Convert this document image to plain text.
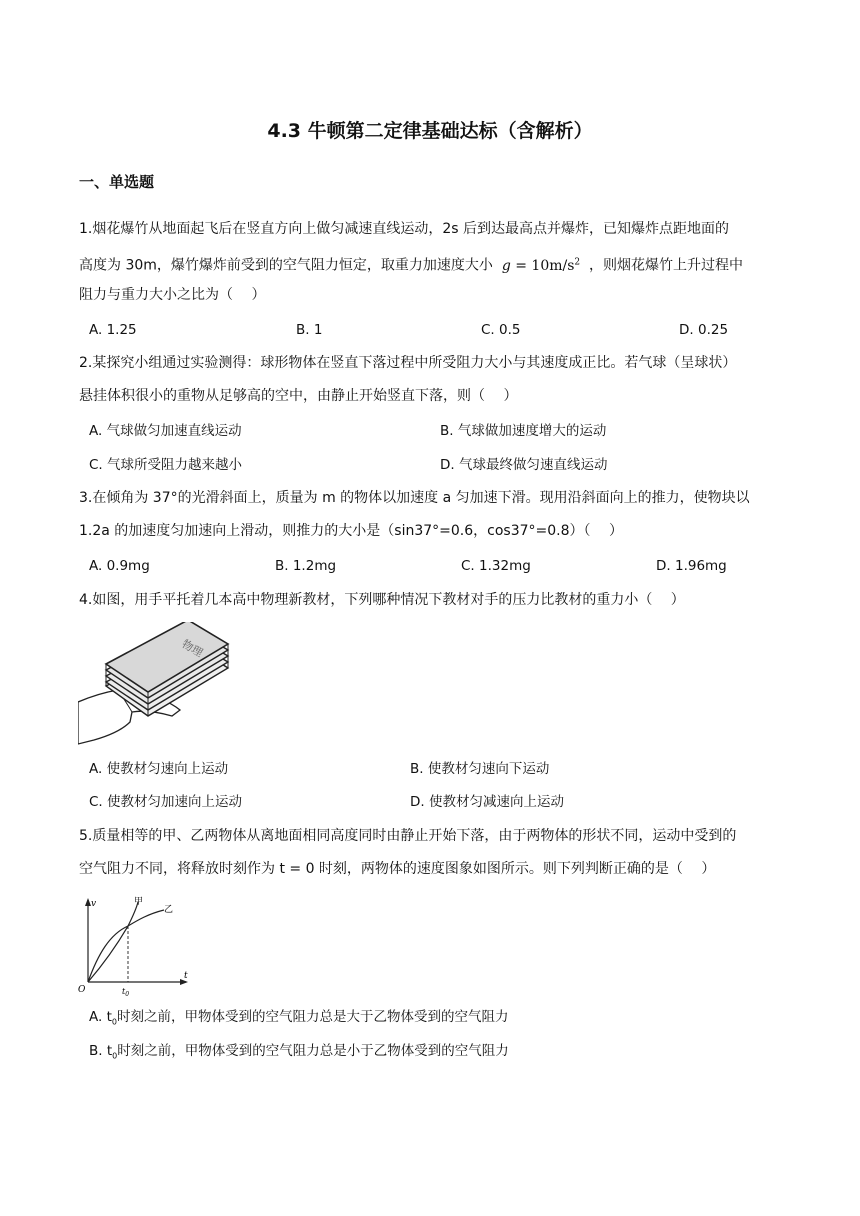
4.3 牛顿第二定律基础达标（含解析）
一、单选题
1.烟花爆竹从地面起飞后在竖直方向上做匀减速直线运动，2s 后到达最高点并爆炸，已知爆炸点距地面的
高度为 30m，爆竹爆炸前受到的空气阻力恒定，取重力加速度大小 $g = 10m/s^2$ ，则烟花爆竹上升过程中
阻力与重力大小之比为（　 ）
A. 1.25	B. 1	C. 0.5	D. 0.25
2.某探究小组通过实验测得：球形物体在竖直下落过程中所受阻力大小与其速度成正比。若气球（呈球状）
悬挂体积很小的重物从足够高的空中，由静止开始竖直下落，则（　 ）
A. 气球做匀加速直线运动	B. 气球做加速度增大的运动
C. 气球所受阻力越来越小	D. 气球最终做匀速直线运动
3.在倾角为 37°的光滑斜面上，质量为 m 的物体以加速度 a 匀加速下滑。现用沿斜面向上的推力，使物块以
1.2a 的加速度匀加速向上滑动，则推力的大小是（sin37°=0.6，cos37°=0.8）（　 ）
A. 0.9mg	B. 1.2mg	C. 1.32mg	D. 1.96mg
4.如图，用手平托着几本高中物理新教材，下列哪种情况下教材对手的压力比教材的重力小（　 ）
物理
A. 使教材匀速向上运动	B. 使教材匀速向下运动
C. 使教材匀加速向上运动	D. 使教材匀减速向上运动
5.质量相等的甲、乙两物体从离地面相同高度同时由静止开始下落，由于两物体的形状不同，运动中受到的
空气阻力不同，将释放时刻作为 t = 0 时刻，两物体的速度图象如图所示。则下列判断正确的是（　 ）
v
t
O	$t_0$
甲
乙
A. $t_0$时刻之前，甲物体受到的空气阻力总是大于乙物体受到的空气阻力
B. $t_0$时刻之前，甲物体受到的空气阻力总是小于乙物体受到的空气阻力
